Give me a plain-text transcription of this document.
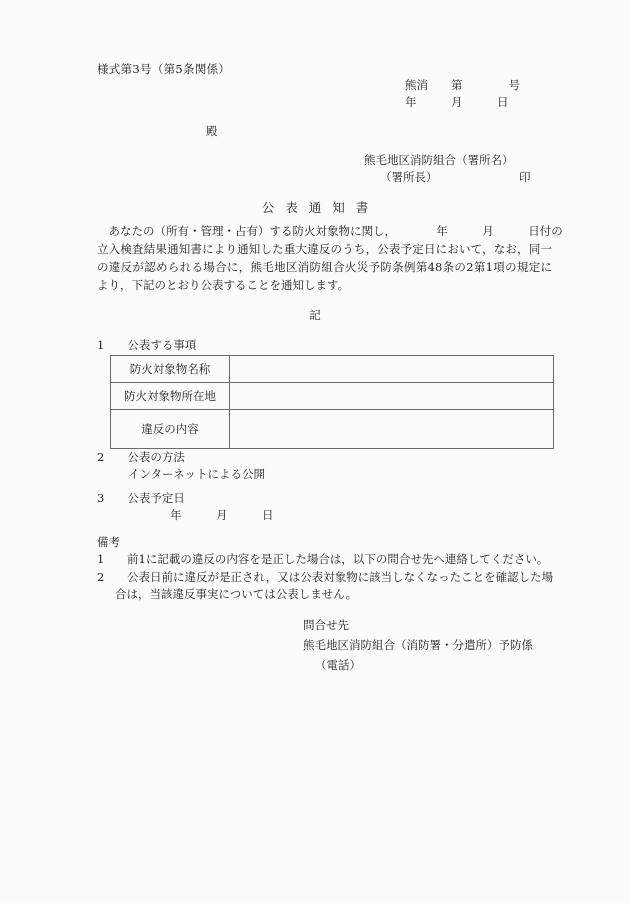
様式第3号（第5条関係）
熊消　　第　　　　号
年　　　月　　　日
殿
熊毛地区消防組合（署所名）
（署所長）	印
公表通知書
　あなたの（所有・管理・占有）する防火対象物に関し，　　　　年　　　月　　　日付の
立入検査結果通知書により通知した重大違反のうち，公表予定日において，なお，同一
の違反が認められる場合に，熊毛地区消防組合火災予防条例第48条の2第1項の規定に
より，下記のとおり公表することを通知します。
記
1　　 公表する事項
防火対象物名称	
防火対象物所在地	
違反の内容	
2　　 公表の方法
インターネットによる公開
3　　 公表予定日
年　　　月　　　日
備考
1	前1に記載の違反の内容を是正した場合は，以下の問合せ先へ連絡してください。
2	公表日前に違反が是正され，又は公表対象物に該当しなくなったことを確認した場
合は，当該違反事実については公表しません。
問合せ先
熊毛地区消防組合（消防署・分遣所）予防係
（電話）
